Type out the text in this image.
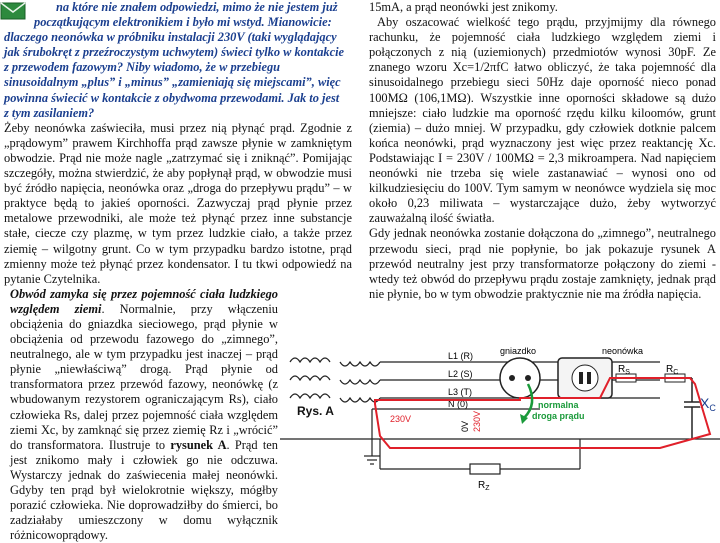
na które nie znałem odpowiedzi, mimo że nie jestem już
początkującym elektronikiem i było mi wstyd. Mianowicie:
dlaczego neonówka w próbniku instalacji 230V (taki wyglądający
jak śrubokręt z przeźroczystym uchwytem) świeci tylko w kontakcie
z przewodem fazowym? Niby wiadomo, że w przebiegu
sinusoidalnym „plus” i „minus” „zamieniają się miejscami”, więc
powinna świecić w kontakcie z obydwoma przewodami. Jak to jest
z tym zasilaniem?

Żeby neonówka zaświeciła, musi przez nią płynąć prąd. Zgodnie z „prądowym” prawem Kirchhoffa prąd zawsze płynie w zamkniętym obwodzie. Prąd nie może nagle „zatrzymać się i zniknąć”. Pomijając szczegóły, można stwierdzić, że aby popłynął prąd, w obwodzie musi być źródło napięcia, neonówka oraz „droga do przepływu prądu” – w praktyce będą to jakieś oporności. Zazwyczaj prąd płynie przez metalowe przewodniki, ale może też płynąć przez inne substancje stałe, ciecze czy plazmę, w tym przez ludzkie ciało, a także przez ziemię – wilgotny grunt. Co w tym przypadku bardzo istotne, prąd zmienny może też płynąć przez kondensator. I tu tkwi odpowiedź na pytanie Czytelnika.

Obwód zamyka się przez pojemność ciała ludzkiego względem ziemi. Normalnie, przy włączeniu obciążenia do gniazdka sieciowego, prąd płynie w obciążenia od przewodu fazowego do „zimnego”, neutralnego, ale w tym przypadku jest inaczej – prąd płynie „niewłaściwą” drogą. Prąd płynie od transformatora przez przewód fazowy, neonówkę (z wbudowanym rezystorem ograniczającym Rs), ciało człowieka Rs, dalej przez pojemność ciała względem ziemi Xc, by zamknąć się przez ziemię Rz i „wrócić” do transformatora. Ilustruje to rysunek A. Prąd ten jest znikomo mały i człowiek go nie odczuwa. Wystarczy jednak do zaświecenia małej neonówki. Gdyby ten prąd był wielokrotnie większy, mógłby porazić człowieka. Nie doprowadziłby do śmierci, bo zadziałaby umieszczony w domu wyłącznik różnicowoprądowy.

15mA, a prąd neonówki jest znikomy.

Aby oszacować wielkość tego prądu, przyjmijmy dla równego rachunku, że pojemność ciała ludzkiego względem ziemi i połączonych z nią (uziemionych) przedmiotów wynosi 30pF. Ze znanego wzoru Xc=1/2πfC łatwo obliczyć, że taka pojemność dla sinusoidalnego przebiegu sieci 50Hz daje oporność nieco ponad 100MΩ (106,1MΩ). Wszystkie inne oporności składowe są dużo mniejsze: ciało ludzkie ma oporność rzędu kilku kiloomów, grunt (ziemia) – dużo mniej. W przypadku, gdy człowiek dotknie palcem końca neonówki, prąd wyznaczony jest więc przez reaktancję Xc. Podstawiając I = 230V / 100MΩ = 2,3 mikroampera. Nad napięciem neonówki nie trzeba się wiele zastanawiać – wynosi ono od kilkudziesięciu do 100V. Tym samym w neonówce wydziela się moc około 0,23 miliwata – wystarczające dużo, żeby wytworzyć zauważalną ilość światła.

Gdy jednak neonówka zostanie dołączona do „zimnego”, neutralnego przewodu sieci, prąd nie popłynie, bo jak pokazuje rysunek A przewód neutralny jest przy transformatorze połączony do ziemi - wtedy też obwód do przepływu prądu zostaje zamknięty, jednak prąd nie płynie, bo w tym obwodzie praktycznie nie ma źródła napięcia.

Rys. A
L1 (R)
L2 (S)
L3 (T)
N (0)
gniazdko	neonówka
$R_S$	$R_C$
$X_C$
$R_Z$
230V	230V
0V
normalna
droga prądu
